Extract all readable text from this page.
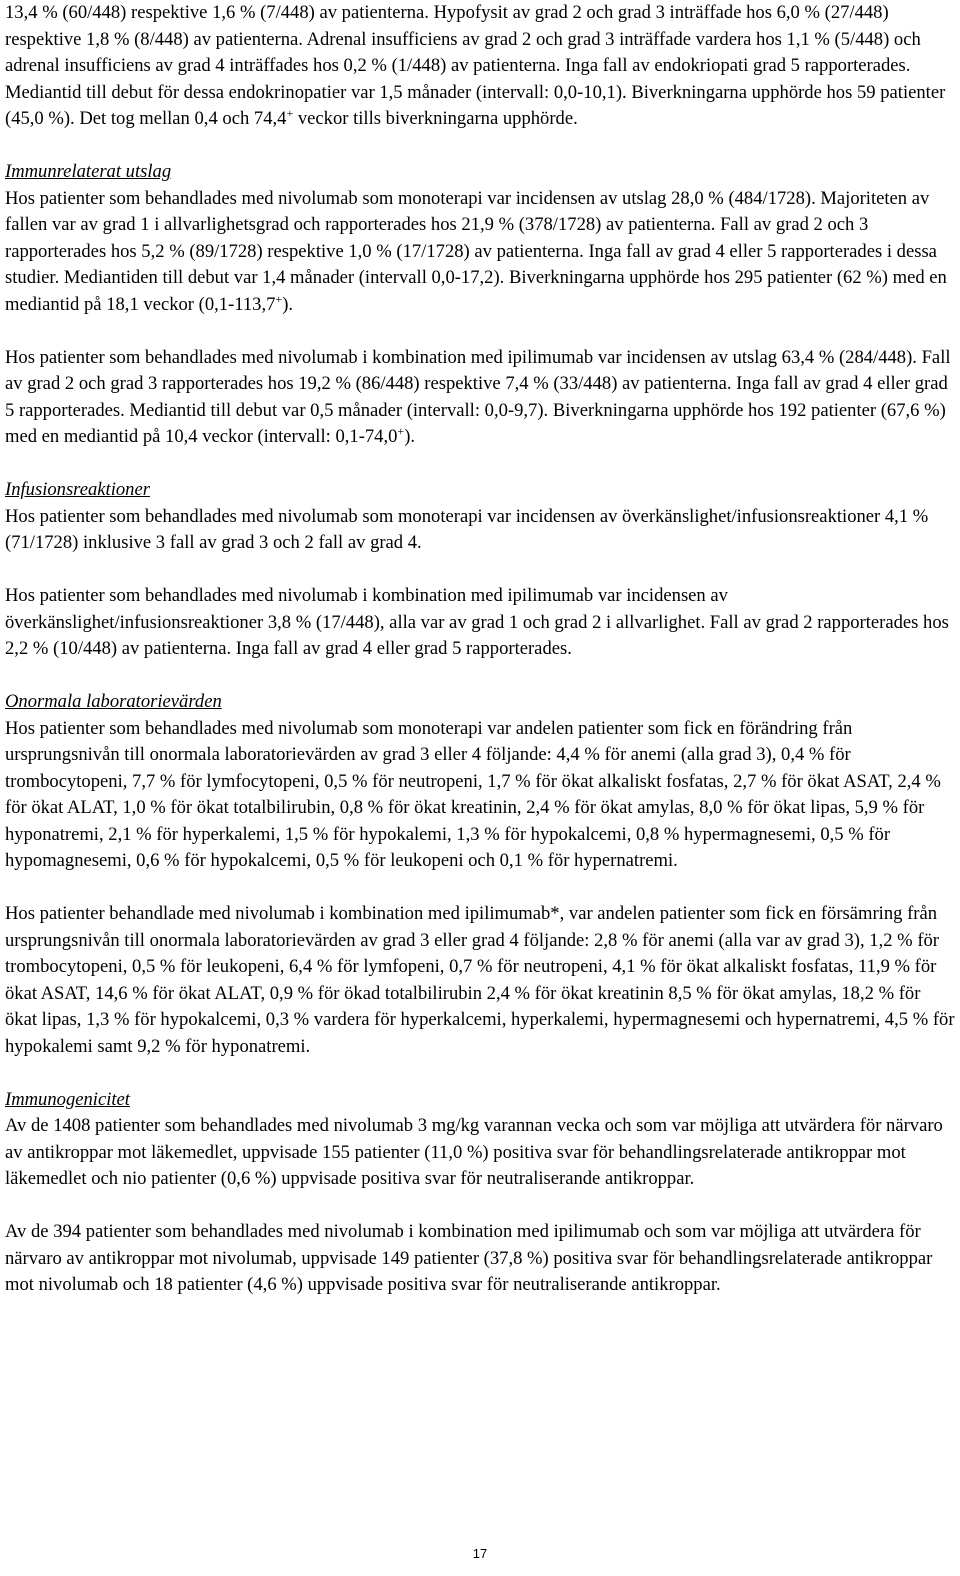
13,4 % (60/448) respektive 1,6 % (7/448) av patienterna. Hypofysit av grad 2 och grad 3 inträffade hos 6,0 % (27/448) respektive 1,8 % (8/448) av patienterna. Adrenal insufficiens av grad 2 och grad 3 inträffade vardera hos 1,1 % (5/448) och adrenal insufficiens av grad 4 inträffades hos 0,2 % (1/448) av patienterna. Inga fall av endokriopati grad 5 rapporterades. Mediantid till debut för dessa endokrinopatier var 1,5 månader (intervall: 0,0-10,1). Biverkningarna upphörde hos 59 patienter (45,0 %). Det tog mellan 0,4 och 74,4+ veckor tills biverkningarna upphörde.

Immunrelaterat utslag
Hos patienter som behandlades med nivolumab som monoterapi var incidensen av utslag 28,0 % (484/1728). Majoriteten av fallen var av grad 1 i allvarlighetsgrad och rapporterades hos 21,9 % (378/1728) av patienterna. Fall av grad 2 och 3 rapporterades hos 5,2 % (89/1728) respektive 1,0 % (17/1728) av patienterna. Inga fall av grad 4 eller 5 rapporterades i dessa studier. Mediantiden till debut var 1,4 månader (intervall 0,0-17,2). Biverkningarna upphörde hos 295 patienter (62 %) med en mediantid på 18,1 veckor (0,1-113,7+).

Hos patienter som behandlades med nivolumab i kombination med ipilimumab var incidensen av utslag 63,4 % (284/448). Fall av grad 2 och grad 3 rapporterades hos 19,2 % (86/448) respektive 7,4 % (33/448) av patienterna. Inga fall av grad 4 eller grad 5 rapporterades. Mediantid till debut var 0,5 månader (intervall: 0,0-9,7). Biverkningarna upphörde hos 192 patienter (67,6 %) med en mediantid på 10,4 veckor (intervall: 0,1-74,0+).

Infusionsreaktioner
Hos patienter som behandlades med nivolumab som monoterapi var incidensen av överkänslighet/infusionsreaktioner 4,1 % (71/1728) inklusive 3 fall av grad 3 och 2 fall av grad 4.

Hos patienter som behandlades med nivolumab i kombination med ipilimumab var incidensen av överkänslighet/infusionsreaktioner 3,8 % (17/448), alla var av grad 1 och grad 2 i allvarlighet. Fall av grad 2 rapporterades hos 2,2 % (10/448) av patienterna. Inga fall av grad 4 eller grad 5 rapporterades.

Onormala laboratorievärden
Hos patienter som behandlades med nivolumab som monoterapi var andelen patienter som fick en förändring från ursprungsnivån till onormala laboratorievärden av grad 3 eller 4 följande: 4,4 % för anemi (alla grad 3), 0,4 % för trombocytopeni, 7,7 % för lymfocytopeni, 0,5 % för neutropeni, 1,7 % för ökat alkaliskt fosfatas, 2,7 % för ökat ASAT, 2,4 % för ökat ALAT, 1,0 % för ökat totalbilirubin, 0,8 % för ökat kreatinin, 2,4 % för ökat amylas, 8,0 % för ökat lipas, 5,9 % för hyponatremi, 2,1 % för hyperkalemi, 1,5 % för hypokalemi, 1,3 % för hypokalcemi, 0,8 % hypermagnesemi, 0,5 % för hypomagnesemi, 0,6 % för hypokalcemi, 0,5 % för leukopeni och 0,1 % för hypernatremi.

Hos patienter behandlade med nivolumab i kombination med ipilimumab*, var andelen patienter som fick en försämring från ursprungsnivån till onormala laboratorievärden av grad 3 eller grad 4 följande: 2,8 % för anemi (alla var av grad 3), 1,2 % för trombocytopeni, 0,5 % för leukopeni, 6,4 % för lymfopeni, 0,7 % för neutropeni, 4,1 % för ökat alkaliskt fosfatas, 11,9 % för ökat ASAT, 14,6 % för ökat ALAT, 0,9 % för ökad totalbilirubin 2,4 % för ökat kreatinin 8,5 % för ökat amylas, 18,2 % för ökat lipas, 1,3 % för hypokalcemi, 0,3 % vardera för hyperkalcemi, hyperkalemi, hypermagnesemi och hypernatremi, 4,5 % för hypokalemi samt 9,2 % för hyponatremi.

Immunogenicitet
Av de 1408 patienter som behandlades med nivolumab 3 mg/kg varannan vecka och som var möjliga att utvärdera för närvaro av antikroppar mot läkemedlet, uppvisade 155 patienter (11,0 %) positiva svar för behandlingsrelaterade antikroppar mot läkemedlet och nio patienter (0,6 %) uppvisade positiva svar för neutraliserande antikroppar.

Av de 394 patienter som behandlades med nivolumab i kombination med ipilimumab och som var möjliga att utvärdera för närvaro av antikroppar mot nivolumab, uppvisade 149 patienter (37,8 %) positiva svar för behandlingsrelaterade antikroppar mot nivolumab och 18 patienter (4,6 %) uppvisade positiva svar för neutraliserande antikroppar.

17
